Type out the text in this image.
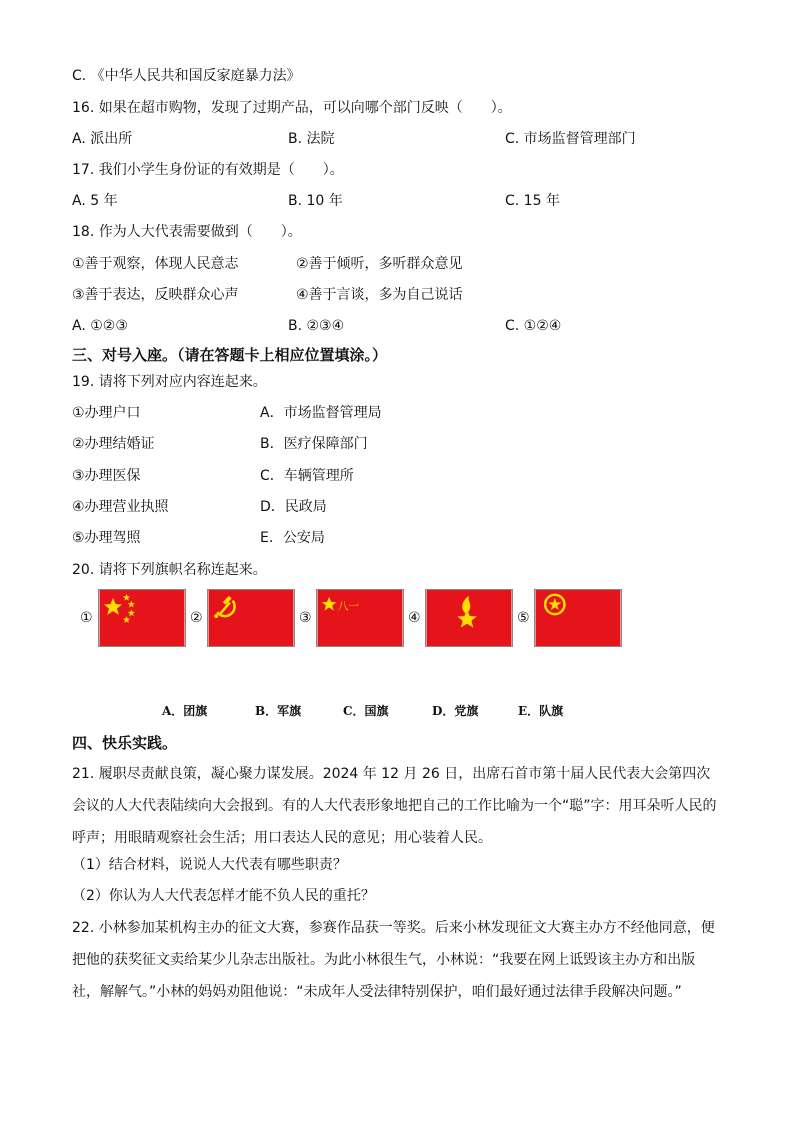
C. 《中华人民共和国反家庭暴力法》
16. 如果在超市购物，发现了过期产品，可以向哪个部门反映（　　）。
A. 派出所	B. 法院	C. 市场监督管理部门
17. 我们小学生身份证的有效期是（　　）。
A. 5 年	B. 10 年	C. 15 年
18. 作为人大代表需要做到（　　）。
①善于观察，体现人民意志	②善于倾听，多听群众意见
③善于表达，反映群众心声	④善于言谈，多为自己说话
A. ①②③	B. ②③④	C. ①②④
三、对号入座。（请在答题卡上相应位置填涂。）
19. 请将下列对应内容连起来。
①办理户口	A．市场监督管理局
②办理结婚证	B．医疗保障部门
③办理医保	C．车辆管理所
④办理营业执照	D．民政局
⑤办理驾照	E．公安局
20. 请将下列旗帜名称连起来。
①	②	③
八一
④	⑤
A．团旗	B．军旗	C．国旗	D．党旗	E．队旗
四、快乐实践。
21. 履职尽责献良策，凝心聚力谋发展。2024 年 12 月 26 日，出席石首市第十届人民代表大会第四次会议的人大代表陆续向大会报到。有的人大代表形象地把自己的工作比喻为一个“聪”字：用耳朵听人民的呼声；用眼睛观察社会生活；用口表达人民的意见；用心装着人民。
（1）结合材料，说说人大代表有哪些职责？
（2）你认为人大代表怎样才能不负人民的重托？
22. 小林参加某机构主办的征文大赛，参赛作品获一等奖。后来小林发现征文大赛主办方不经他同意，便把他的获奖征文卖给某少儿杂志出版社。为此小林很生气，小林说：“我要在网上诋毁该主办方和出版社，解解气。”小林的妈妈劝阻他说：“未成年人受法律特别保护，咱们最好通过法律手段解决问题。”
